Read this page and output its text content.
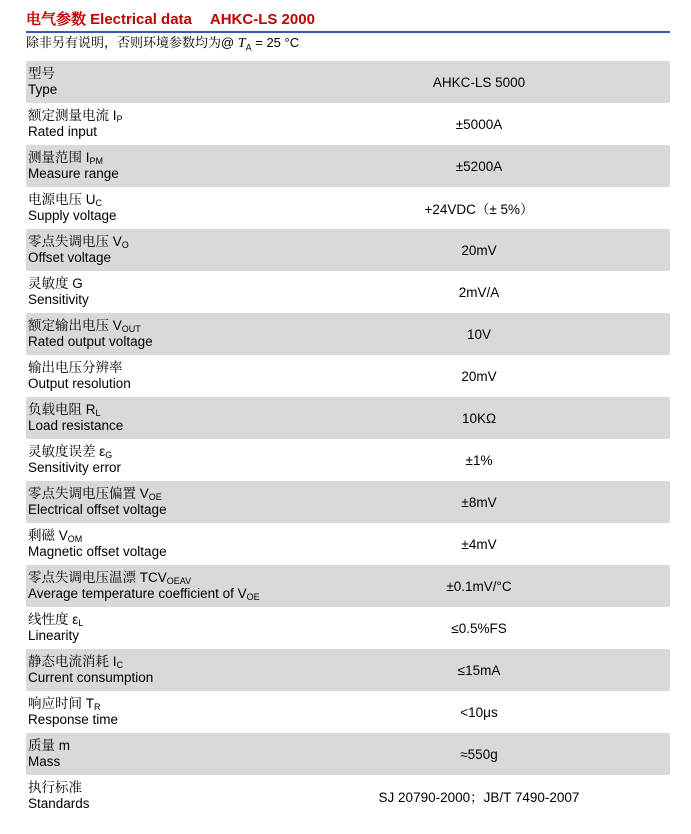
电气参数 Electrical data AHKC-LS 2000
除非另有说明，否则环境参数均为@ $T_A = 25$ °C
型号
Type	AHKC-LS 5000

额定测量电流 $I_P$
Rated input	±5000A

测量范围 $I_{PM}$
Measure range	±5200A

电源电压 $U_C$
Supply voltage	+24VDC（± 5%）

零点失调电压 $V_O$
Offset voltage	20mV

灵敏度 G
Sensitivity	2mV/A

额定输出电压 $V_{OUT}$
Rated output voltage	10V

输出电压分辨率
Output resolution	20mV

负载电阻 $R_L$
Load resistance	10KΩ

灵敏度误差 $\varepsilon_G$
Sensitivity error	±1%

零点失调电压偏置 $V_{OE}$
Electrical offset voltage	±8mV

剩磁 $V_{OM}$
Magnetic offset voltage	±4mV

零点失调电压温漂 $TCV_{OEAV}$
Average temperature coefficient of $V_{OE}$	±0.1mV/°C

线性度 $\varepsilon_L$
Linearity	≤0.5%FS

静态电流消耗 $I_C$
Current consumption	≤15mA

响应时间 $T_R$
Response time	<10μs

质量 m
Mass	≈550g

执行标准
Standards	SJ 20790-2000；JB/T 7490-2007
